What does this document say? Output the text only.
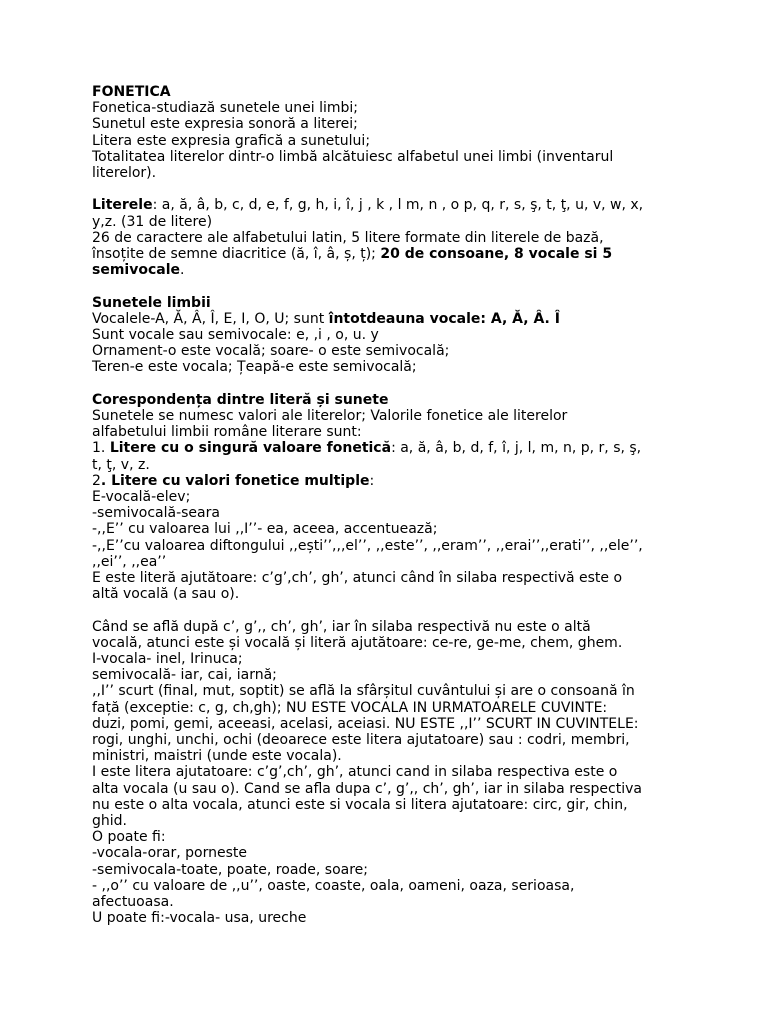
FONETICA

Fonetica-studiază sunetele unei limbi;

Sunetul este expresia sonoră a literei;

Litera este expresia grafică a sunetului;

Totalitatea literelor dintr-o limbă alcătuiesc alfabetul unei limbi (inventarul

literelor).

Literele: a, ă, â, b, c, d, e, f, g, h, i, î, j , k , l m, n , o p, q, r, s, ş, t, ţ, u, v, w, x,

y,z. (31 de litere)

26 de caractere ale alfabetului latin, 5 litere formate din literele de bază,

însoțite de semne diacritice (ă, î, â, ș, ț); 20 de consoane, 8 vocale si 5

semivocale.

Sunetele limbii

Vocalele-A, Ă, Â, Î, E, I, O, U; sunt întotdeauna vocale: A, Ă, Â. Î

Sunt vocale sau semivocale: e, ,i , o, u. y

Ornament-o este vocală; soare- o este semivocală;

Teren-e este vocala; Țeapă-e este semivocală;

Corespondența dintre literă și sunete

Sunetele se numesc valori ale literelor; Valorile fonetice ale literelor

alfabetului limbii române literare sunt:

1. Litere cu o singură valoare fonetică: a, ă, â, b, d, f, î, j, l, m, n, p, r, s, ş,

t, ţ, v, z.

2. Litere cu valori fonetice multiple:

E-vocală-elev;

-semivocală-seara

-,,E’’ cu valoarea lui ,,I’’- ea, aceea, accentuează;

-,,E’’cu valoarea diftongului ,,ești’’,,,el’’, ,,este’’, ,,eram’’, ,,erai’’,,erati’’, ,,ele’’,

,,ei’’, ,,ea’’

E este literă ajutătoare: c’g’,ch’, gh’, atunci când în silaba respectivă este o

altă vocală (a sau o).

Când se află după c’, g’,, ch’, gh’, iar în silaba respectivă nu este o altă

vocală, atunci este și vocală și literă ajutătoare: ce-re, ge-me, chem, ghem.

I-vocala- inel, Irinuca;

semivocală- iar, cai, iarnă;

,,I’’ scurt (final, mut, soptit) se află la sfârșitul cuvântului și are o consoană în

față (exceptie: c, g, ch,gh); NU ESTE VOCALA IN URMATOARELE CUVINTE:

duzi, pomi, gemi, aceeasi, acelasi, aceiasi. NU ESTE ,,I’’ SCURT IN CUVINTELE:

rogi, unghi, unchi, ochi (deoarece este litera ajutatoare) sau : codri, membri,

ministri, maistri (unde este vocala).

I este litera ajutatoare: c’g’,ch’, gh’, atunci cand in silaba respectiva este o

alta vocala (u sau o). Cand se afla dupa c’, g’,, ch’, gh’, iar in silaba respectiva

nu este o alta vocala, atunci este si vocala si litera ajutatoare: circ, gir, chin,

ghid.

O poate fi:

-vocala-orar, porneste

-semivocala-toate, poate, roade, soare;

- ,,o’’ cu valoare de ,,u’’, oaste, coaste, oala, oameni, oaza, serioasa,

afectuoasa.

U poate fi:-vocala- usa, ureche
